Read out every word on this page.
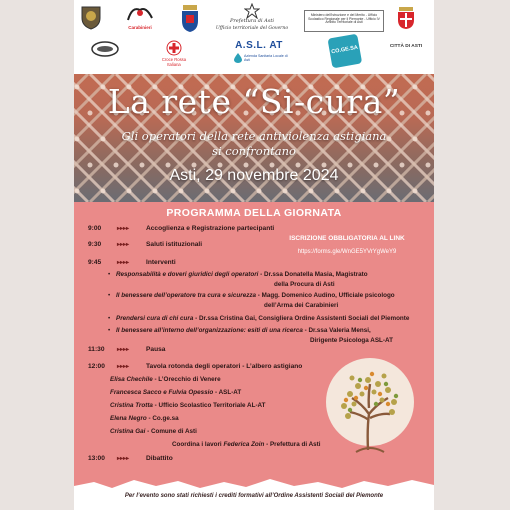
Carabinieri
Prefettura di Asti
Ufficio territoriale del Governo
Ministero dell'Istruzione e del Merito - Ufficio Scolastico Regionale per il Piemonte - Ufficio IV Ambito Territoriale di Asti
CITTÀ DI ASTI
Croce Rossa Italiana
A.S.L. AT
Azienda Sanitaria Locale di Asti
CO.GE.SA
La rete “Si-cura”
Gli operatori della rete antiviolenza astigiana
si confrontano
Asti, 29 novembre 2024
PROGRAMMA DELLA GIORNATA
9:00	▸▸▸▸	Accoglienza e Registrazione partecipanti
9:30	▸▸▸▸	Saluti istituzionali
ISCRIZIONE OBBLIGATORIA AL LINK
https://forms.gle/WnGE5YVrYgWeY9
9:45	▸▸▸▸	Interventi
• Responsabilità e doveri giuridici degli operatori - Dr.ssa Donatella Masia, Magistrato
della Procura di Asti
• Il benessere dell’operatore tra cura e sicurezza - Magg. Domenico Audino, Ufficiale psicologo
dell’Arma dei Carabinieri
• Prendersi cura di chi cura - Dr.ssa Cristina Gai, Consigliera Ordine Assistenti Sociali del Piemonte
• Il benessere all’interno dell’organizzazione: esiti di una ricerca - Dr.ssa Valeria Mensi,
Dirigente Psicologa ASL-AT
11:30 ▸▸▸▸	Pausa
12:00 ▸▸▸▸	Tavola rotonda degli operatori - L’albero astigiano
Elisa Chechile - L’Orecchio di Venere
Francesca Sacco e Fulvia Opessio - ASL-AT
Cristina Trotta - Ufficio Scolastico Territoriale AL-AT
Elena Negro - Co.ge.sa
Cristina Gai - Comune di Asti
Coordina i lavori Federica Zoin - Prefettura di Asti
13:00 ▸▸▸▸	Dibattito
Per l’evento sono stati richiesti i crediti formativi all’Ordine Assistenti Sociali del Piemonte
